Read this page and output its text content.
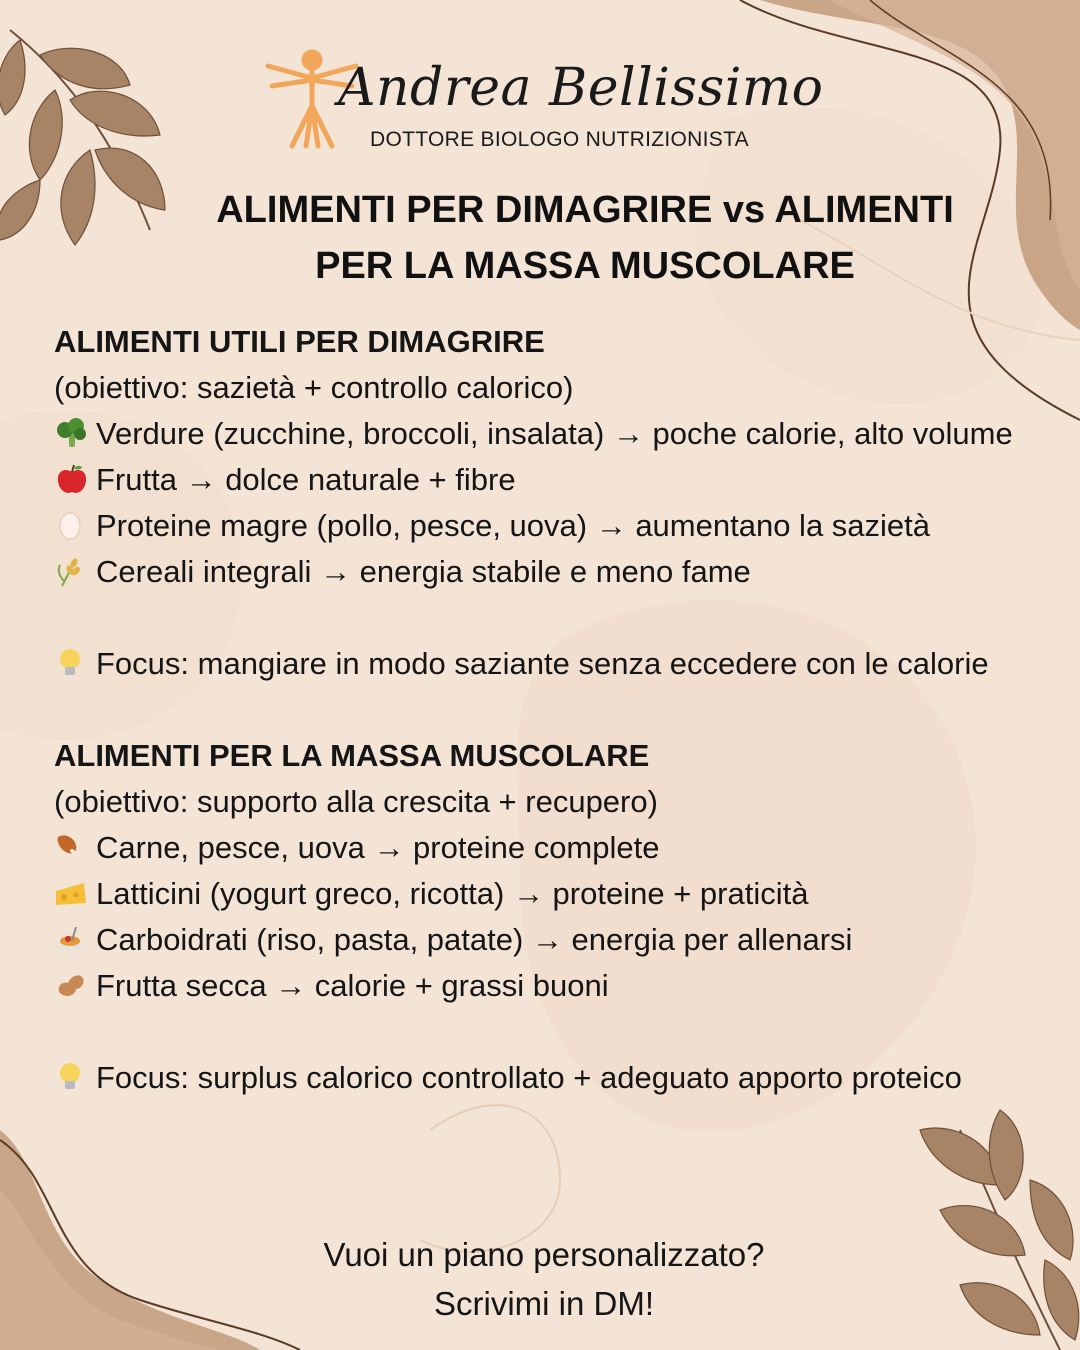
Andrea Bellissimo
DOTTORE BIOLOGO NUTRIZIONISTA
ALIMENTI PER DIMAGRIRE vs ALIMENTI
PER LA MASSA MUSCOLARE
ALIMENTI UTILI PER DIMAGRIRE
(obiettivo: sazietà + controllo calorico)
Verdure (zucchine, broccoli, insalata) → poche calorie, alto volume
Frutta → dolce naturale + fibre
Proteine magre (pollo, pesce, uova) → aumentano la sazietà
Cereali integrali → energia stabile e meno fame
Focus: mangiare in modo saziante senza eccedere con le calorie
ALIMENTI PER LA MASSA MUSCOLARE
(obiettivo: supporto alla crescita + recupero)
Carne, pesce, uova → proteine complete
Latticini (yogurt greco, ricotta) → proteine + praticità
Carboidrati (riso, pasta, patate) → energia per allenarsi
Frutta secca → calorie + grassi buoni
Focus: surplus calorico controllato + adeguato apporto proteico
Vuoi un piano personalizzato?
Scrivimi in DM!
